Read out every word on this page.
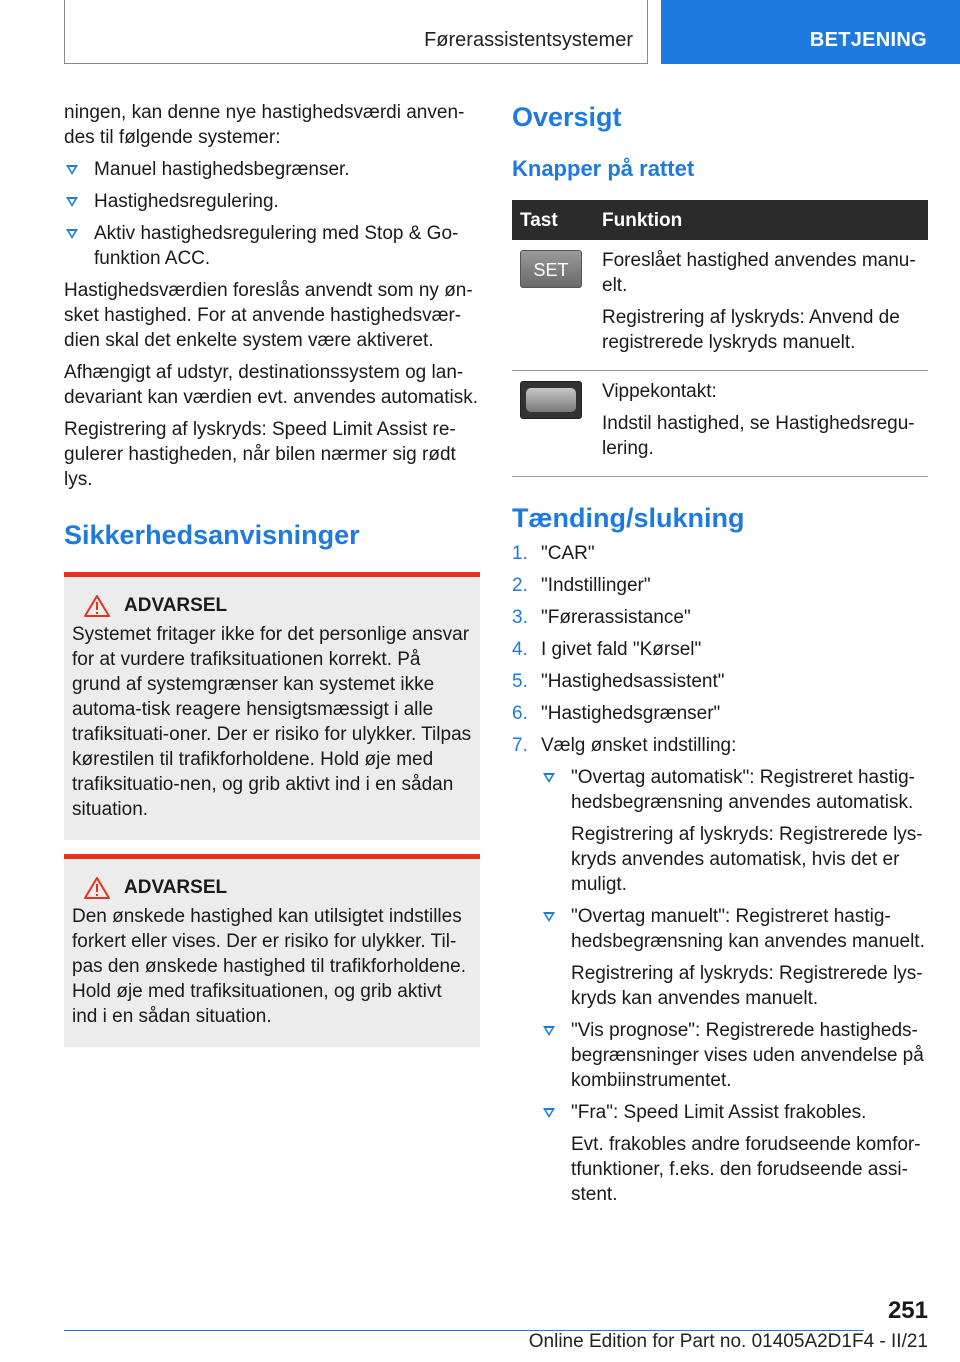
Førerassistentsystemer	BETJENING

ningen, kan denne nye hastighedsværdi anven-des til følgende systemer:

Manuel hastighedsbegrænser.
Hastighedsregulering.
Aktiv hastighedsregulering med Stop & Go-funktion ACC.

Hastighedsværdien foreslås anvendt som ny øn-sket hastighed. For at anvende hastighedsvær-dien skal det enkelte system være aktiveret.

Afhængigt af udstyr, destinationssystem og lan-devariant kan værdien evt. anvendes automatisk.

Registrering af lyskryds: Speed Limit Assist re-gulerer hastigheden, når bilen nærmer sig rødt lys.

Sikkerhedsanvisninger
ADVARSEL

Systemet fritager ikke for det personlige ansvar for at vurdere trafiksituationen korrekt. På grund af systemgrænser kan systemet ikke automa-tisk reagere hensigtsmæssigt i alle trafiksituati-oner. Der er risiko for ulykker. Tilpas kørestilen til trafikforholdene. Hold øje med trafiksituatio-nen, og grib aktivt ind i en sådan situation.

ADVARSEL

Den ønskede hastighed kan utilsigtet indstilles forkert eller vises. Der er risiko for ulykker. Til-pas den ønskede hastighed til trafikforholdene. Hold øje med trafiksituationen, og grib aktivt ind i en sådan situation.

Oversigt
Knapper på rattet
Tast	Funktion

SET	Foreslået hastighed anvendes manu-elt.

Registrering af lyskryds: Anvend de registrerede lyskryds manuelt.

	Vippekontakt:

Indstil hastighed, se Hastighedsregu-lering.

Tænding/slukning
1. "CAR"
2. "Indstillinger"
3. "Førerassistance"
4. I givet fald "Kørsel"
5. "Hastighedsassistent"
6. "Hastighedsgrænser"
7. Vælg ønsket indstilling:

"Overtag automatisk": Registreret hastig-hedsbegrænsning anvendes automatisk.

Registrering af lyskryds: Registrerede lys-kryds anvendes automatisk, hvis det er muligt.

"Overtag manuelt": Registreret hastig-hedsbegrænsning kan anvendes manuelt.

Registrering af lyskryds: Registrerede lys-kryds kan anvendes manuelt.

"Vis prognose": Registrerede hastigheds-begrænsninger vises uden anvendelse på kombiinstrumentet.

"Fra": Speed Limit Assist frakobles.

Evt. frakobles andre forudseende komfor-tfunktioner, f.eks. den forudseende assi-stent.

251
Online Edition for Part no. 01405A2D1F4 - II/21
